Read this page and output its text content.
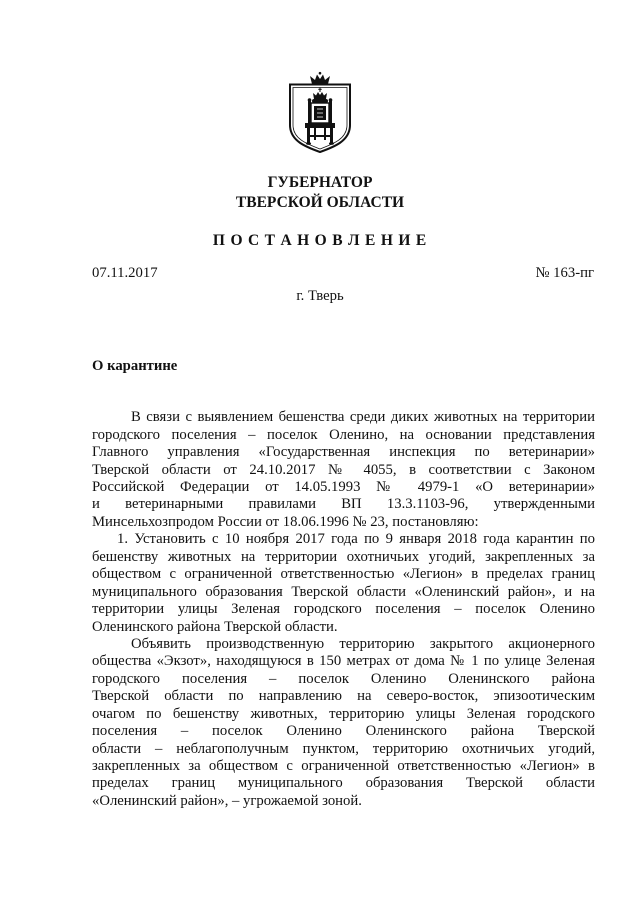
ГУБЕРНАТОР
ТВЕРСКОЙ ОБЛАСТИ
П О С Т А Н О В Л Е Н И Е
07.11.2017	№ 163-пг
г. Тверь
О карантине
В связи с выявлением бешенства среди диких животных на территории
городского поселения – поселок Оленино, на основании представления
Главного управления «Государственная инспекция по ветеринарии»
Тверской области от 24.10.2017 № 4055, в соответствии с Законом
Российской Федерации от 14.05.1993 № 4979-1 «О ветеринарии»
и ветеринарными правилами ВП 13.3.1103-96, утвержденными
Минсельхозпродом России от 18.06.1996 № 23, постановляю:
1. Установить с 10 ноября 2017 года по 9 января 2018 года карантин по
бешенству животных на территории охотничьих угодий, закрепленных за
обществом с ограниченной ответственностью «Легион» в пределах границ
муниципального образования Тверской области «Оленинский район», и на
территории улицы Зеленая городского поселения – поселок Оленино
Оленинского района Тверской области.
Объявить производственную территорию закрытого акционерного
общества «Экзот», находящуюся в 150 метрах от дома № 1 по улице Зеленая
городского поселения – поселок Оленино Оленинского района
Тверской области по направлению на северо-восток, эпизоотическим
очагом по бешенству животных, территорию улицы Зеленая городского
поселения – поселок Оленино Оленинского района Тверской
области – неблагополучным пунктом, территорию охотничьих угодий,
закрепленных за обществом с ограниченной ответственностью «Легион» в
пределах границ муниципального образования Тверской области
«Оленинский район», – угрожаемой зоной.
